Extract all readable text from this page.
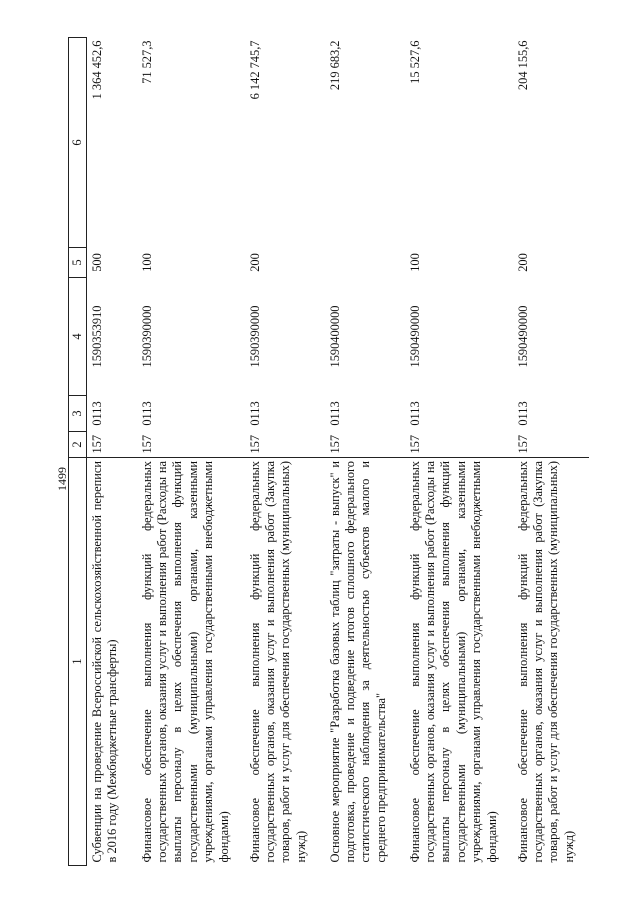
1499
1	2	3	4	5	6
Субвенции на проведение Всероссийской сельскохозяйственной переписи в 2016 году (Межбюджетные трансферты)	157	0113	1590353910	500	1 364 452,6
Финансовое обеспечение выполнения функций федеральных государственных органов, оказания услуг и выполнения работ (Расходы на выплаты персоналу в целях обеспечения выполнения функций государственными (муниципальными) органами, казенными учреждениями, органами управления государственными внебюджетными фондами)	157	0113	1590390000	100	71 527,3
Финансовое обеспечение выполнения функций федеральных государственных органов, оказания услуг и выполнения работ (Закупка товаров, работ и услуг для обеспечения государственных (муниципальных) нужд)	157	0113	1590390000	200	6 142 745,7
Основное мероприятие "Разработка базовых таблиц "затраты - выпуск" и подготовка, проведение и подведение итогов сплошного федерального статистического наблюдения за деятельностью субъектов малого и среднего предпринимательства"	157	0113	1590400000		219 683,2
Финансовое обеспечение выполнения функций федеральных государственных органов, оказания услуг и выполнения работ (Расходы на выплаты персоналу в целях обеспечения выполнения функций государственными (муниципальными) органами, казенными учреждениями, органами управления государственными внебюджетными фондами)	157	0113	1590490000	100	15 527,6
Финансовое обеспечение выполнения функций федеральных государственных органов, оказания услуг и выполнения работ (Закупка товаров, работ и услуг для обеспечения государственных (муниципальных) нужд)	157	0113	1590490000	200	204 155,6
